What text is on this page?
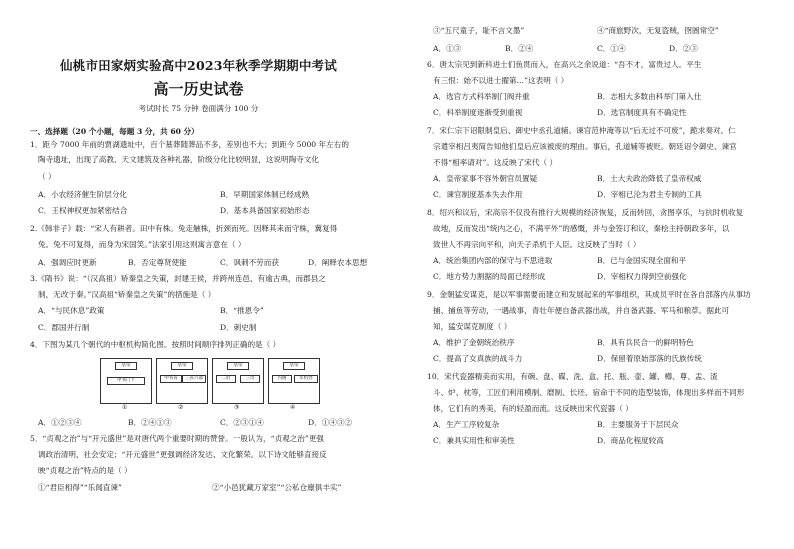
仙桃市田家炳实验高中2023年秋季学期期中考试
高一历史试卷
考试时长 75 分钟 卷面满分 100 分
一、选择题（20 个小题，每题 3 分，共 60 分）
1．距今 7000 年前的贾湖遗址中，百个墓葬随葬品不多，差别也不大；到距今 5000 年左右的
陶寺遗址，出现了高教、天文建筑及各种礼器，阶级分化比较明显，这说明陶寺文化
（ ）
A．小农经济催生阶层分化	B．早期国家体制已经成熟
C．王权神权更加紧密结合	D．基本具备国家初始形态
2.《韩非子》载：“宋人有耕者。田中有株。兔走触株，折颈而死。因释其耒而守株，冀复得
兔。兔不可复得，而身为宋国笑。”法家引用这则寓言意在（ ）
A．强调应时更新	B．否定尊贤使能	C．讽刺不劳而获	D．阐释农本思想
3.《隋书》说：“（汉高祖）矫秦皇之失策，封建王侯，并跨州连邑，有逾古典，而郡县之
制，无改于秦。”汉高祖“矫秦皇之失策”的措施是（ ）
A．“与民休息”政策	B．“推恩令”
C．郡国并行制	D．刺史制
4．下图为某几个朝代的中枢机构简化图。按照时间顺序排列正确的是（ ）
皇帝
中书门下
皇帝
中书省	三省六部
皇帝
二府	三司
皇帝
内阁	军机处
①	②	③	④
A．①②③④	B．②④①③	C．②③①④	D．①④③②
5．“贞观之治”与“开元盛世”是对唐代两个重要时期的赞誉。一般认为，“贞观之治”更强
调政治清明，社会安定；“开元盛世”更强调经济发达、文化繁荣。以下诗文能够直接反
映“贞观之治”特点的是（ ）
①“君臣相得”“乐闻直谏”	②“小邑犹藏万家室”“公私仓廪俱丰实”
③“五尺童子，耻不言文墨”	④“商旅野次，无复盗贼，囹圄常空”
A．①③	B．②④	C．①④	D．②③
6．唐太宗见到新科进士们鱼贯而入，在高兴之余说道：“吾不才，富贵过人。平生
有三恨：始不以进士擢第…”这表明（ ）
A．选官方式科举制门阀并重	B．志相大多数由科举门第入仕
C．科举制度逐渐受到重视	D．选官制度具有不确定性
7．宋仁宗下诏限制皇后、御史中丞孔道辅、谏官范仲淹等以“后无过不可废”，跪求奏对。仁
宗遣宰相吕夷简告知他们皇后应该被废的理由。事后，孔道辅等被贬。朝廷诏令御史、谏官
不得“相率请对”。这反映了宋代（ ）
A．皇帝家事不容外朝官员置疑	B．士大夫政治降低了皇帝权威
C．谏官制度基本失去作用	D．宰相已沦为君主专制的工具
8．绍兴和议后，宋高宗不仅没有推行大规模的经济恢复，反而转回，贪图享乐，与抗时机收复
故地，反而发出“统内之心，不满平外”的感慨，并与金签订和议，秦桧主持朝政多年，以
致世人不再宗向平和，向天子杀机于人臣。这反映了当时（ ）
A．统治集团内部的保守与不思进取	B．已与金国实现全面和平
C．地方势力割据的局面已经形成	D．宰相权力得到空前强化
9．金朝猛安谋克，是以军事需要而建立和发展起来的军事组织，其成员平时在各自部落内从事坊
捕、捕鱼等劳动，一遇战事，青壮年便自备武器出战，并自备武器、军马和粮草。据此可
知，猛安谋克制度（ ）
A．维护了金朝统治秩序	B．具有兵民合一的鲜明特色
C．提高了女真族的战斗力	D．保留着原始部落的氏族传统
10．宋代瓷器精美而实用，有碗、盘、碟、洗、盒、托、瓶、壶、罐、樽、尊、盂、渣
斗、炉、枕等，工匠们利用模制、磨制、长坯、宿命于不同的造型装饰，体现出多样而不同形
体，它们有的秀美，有的轻盈而流。这反映出宋代瓷器（ ）
A．生产工序较复杂	B．主要服务于下层民众
C．兼具实用性和审美性	D．商品化程度较高
